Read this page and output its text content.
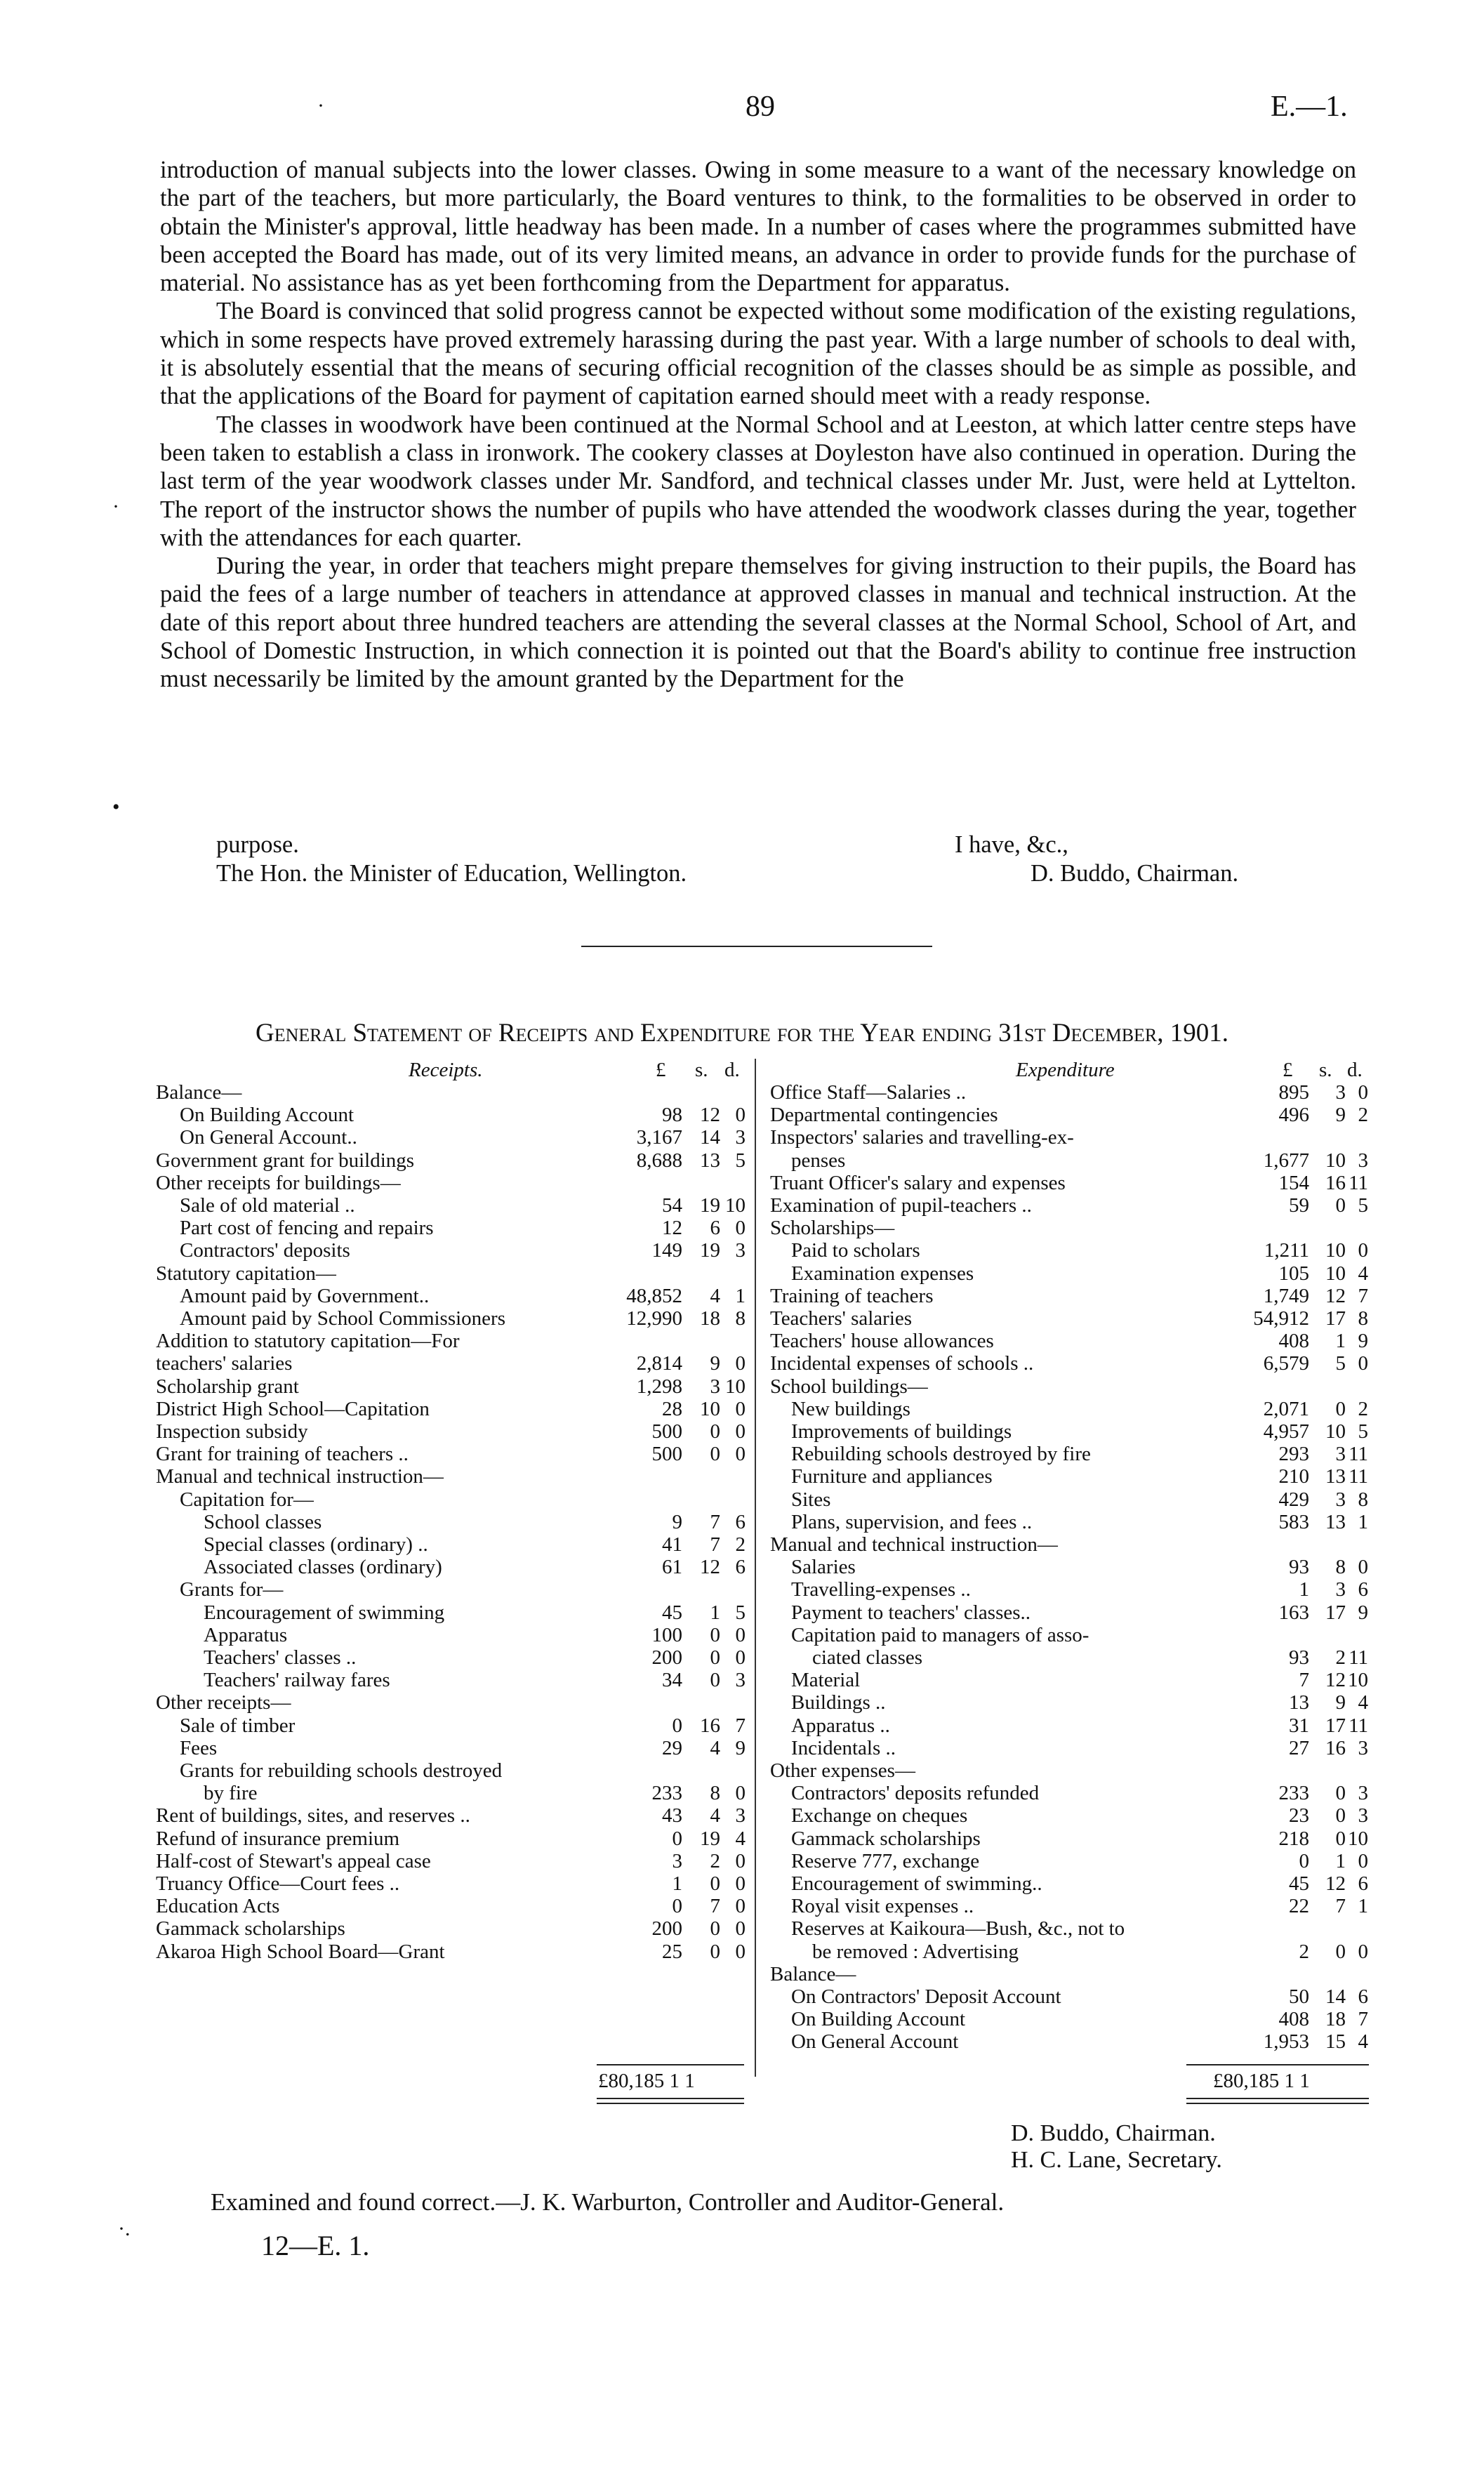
·	89	E.—1.
·
•

introduction of manual subjects into the lower classes. Owing in some measure to a want of the necessary knowledge on the part of the teachers, but more particularly, the Board ventures to think, to the formalities to be observed in order to obtain the Minister's approval, little headway has been made. In a number of cases where the programmes submitted have been accepted the Board has made, out of its very limited means, an advance in order to provide funds for the purchase of material. No assistance has as yet been forthcoming from the Department for apparatus.

The Board is convinced that solid progress cannot be expected without some modification of the existing regulations, which in some respects have proved extremely harassing during the past year. With a large number of schools to deal with, it is absolutely essential that the means of securing official recognition of the classes should be as simple as possible, and that the applications of the Board for payment of capitation earned should meet with a ready response.

The classes in woodwork have been continued at the Normal School and at Leeston, at which latter centre steps have been taken to establish a class in ironwork. The cookery classes at Doyleston have also continued in operation. During the last term of the year woodwork classes under Mr. Sandford, and technical classes under Mr. Just, were held at Lyttelton. The report of the instructor shows the number of pupils who have attended the woodwork classes during the year, together with the attendances for each quarter.

During the year, in order that teachers might prepare themselves for giving instruction to their pupils, the Board has paid the fees of a large number of teachers in attendance at approved classes in manual and technical instruction. At the date of this report about three hundred teachers are attending the several classes at the Normal School, School of Art, and School of Domestic Instruction, in which connection it is pointed out that the Board's ability to continue free instruction must necessarily be limited by the amount granted by the Department for the

purpose.	I have, &c.,
The Hon. the Minister of Education, Wellington.	D. Buddo, Chairman.
General Statement of Receipts and Expenditure for the Year ending 31st December, 1901.
Receipts.	£ s. d.
Balance—
On Building Account	98 12 0
On General Account..	3,167 14 3
Government grant for buildings	8,688 13 5
Other receipts for buildings—
Sale of old material ..	54 19 10
Part cost of fencing and repairs	12 6 0
Contractors' deposits	149 19 3
Statutory capitation—
Amount paid by Government..	48,852 4 1
Amount paid by School Commissioners	12,990 18 8
Addition to statutory capitation—For
teachers' salaries	2,814 9 0
Scholarship grant	1,298 3 10
District High School—Capitation	28 10 0
Inspection subsidy	500 0 0
Grant for training of teachers ..	500 0 0
Manual and technical instruction—
Capitation for—
School classes	9 7 6
Special classes (ordinary) ..	41 7 2
Associated classes (ordinary)	61 12 6
Grants for—
Encouragement of swimming	45 1 5
Apparatus	100 0 0
Teachers' classes ..	200 0 0
Teachers' railway fares	34 0 3
Other receipts—
Sale of timber	0 16 7
Fees	29 4 9
Grants for rebuilding schools destroyed
by fire	233 8 0
Rent of buildings, sites, and reserves ..	43 4 3
Refund of insurance premium	0 19 4
Half-cost of Stewart's appeal case	3 2 0
Truancy Office—Court fees ..	1 0 0
Education Acts	0 7 0
Gammack scholarships	200 0 0
Akaroa High School Board—Grant	25 0 0
Expenditure	£ s. d.
Office Staff—Salaries ..	895 3 0
Departmental contingencies	496 9 2
Inspectors' salaries and travelling-ex-
penses	1,677 10 3
Truant Officer's salary and expenses	154 16 11
Examination of pupil-teachers ..	59 0 5
Scholarships—
Paid to scholars	1,211 10 0
Examination expenses	105 10 4
Training of teachers	1,749 12 7
Teachers' salaries	54,912 17 8
Teachers' house allowances	408 1 9
Incidental expenses of schools ..	6,579 5 0
School buildings—
New buildings	2,071 0 2
Improvements of buildings	4,957 10 5
Rebuilding schools destroyed by fire	293 3 11
Furniture and appliances	210 13 11
Sites	429 3 8
Plans, supervision, and fees ..	583 13 1
Manual and technical instruction—
Salaries	93 8 0
Travelling-expenses ..	1 3 6
Payment to teachers' classes..	163 17 9
Capitation paid to managers of asso-
ciated classes	93 2 11
Material	7 12 10
Buildings ..	13 9 4
Apparatus ..	31 17 11
Incidentals ..	27 16 3
Other expenses—
Contractors' deposits refunded	233 0 3
Exchange on cheques	23 0 3
Gammack scholarships	218 0 10
Reserve 777, exchange	0 1 0
Encouragement of swimming..	45 12 6
Royal visit expenses ..	22 7 1
Reserves at Kaikoura—Bush, &c., not to
be removed : Advertising	2 0 0
Balance—
On Contractors' Deposit Account	50 14 6
On Building Account	408 18 7
On General Account	1,953 15 4
£80,185 1 1	£80,185 1 1
D. Buddo, Chairman.
H. C. Lane, Secretary.
Examined and found correct.—J. K. Warburton, Controller and Auditor-General.
·.
12—E. 1.
